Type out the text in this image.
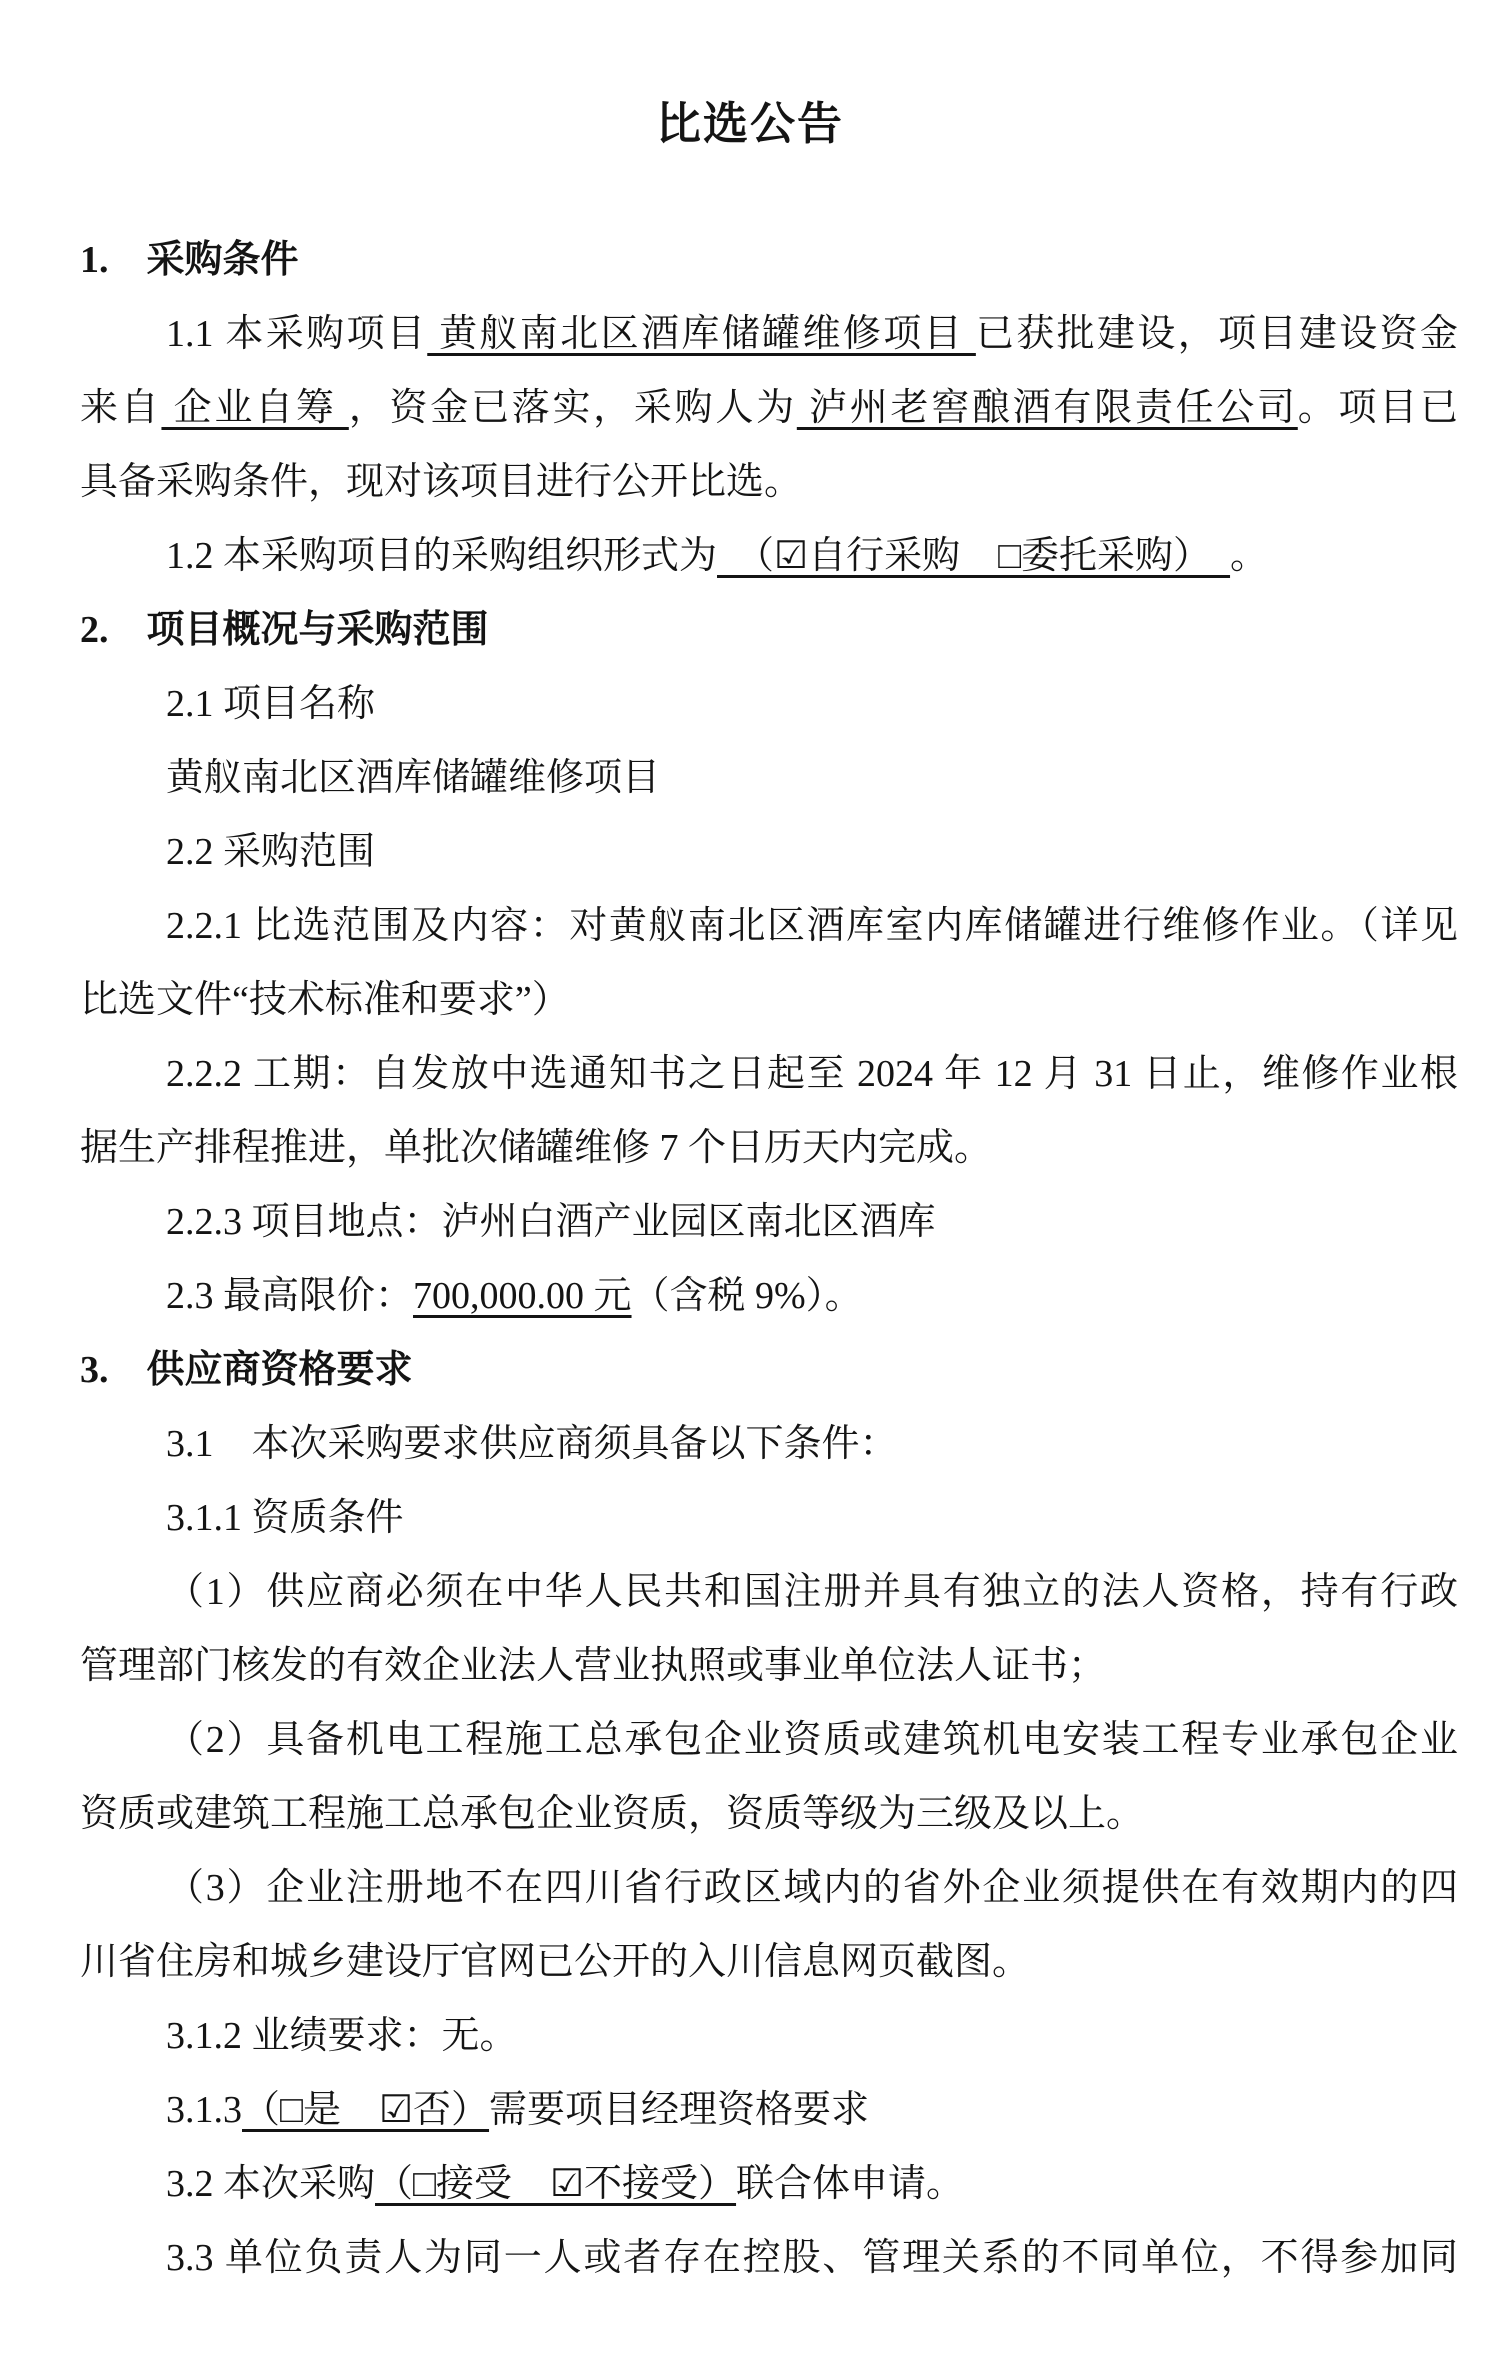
比选公告
1.　采购条件
1.1 本采购项目 黄舣南北区酒库储罐维修项目 已获批建设，项目建设资金
来自 企业自筹 ，资金已落实，采购人为 泸州老窖酿酒有限责任公司。项目已
具备采购条件，现对该项目进行公开比选。
1.2 本采购项目的采购组织形式为　（☑自行采购　□委托采购）　。
2.　项目概况与采购范围
2.1 项目名称
黄舣南北区酒库储罐维修项目
2.2 采购范围
2.2.1 比选范围及内容：对黄舣南北区酒库室内库储罐进行维修作业。（详见
比选文件“技术标准和要求”）
2.2.2 工期：自发放中选通知书之日起至 2024 年 12 月 31 日止，维修作业根
据生产排程推进，单批次储罐维修 7 个日历天内完成。
2.2.3 项目地点：泸州白酒产业园区南北区酒库
2.3 最高限价：700,000.00 元（含税 9%）。
3.　供应商资格要求
3.1　本次采购要求供应商须具备以下条件：
3.1.1 资质条件
（1）供应商必须在中华人民共和国注册并具有独立的法人资格，持有行政
管理部门核发的有效企业法人营业执照或事业单位法人证书；
（2）具备机电工程施工总承包企业资质或建筑机电安装工程专业承包企业
资质或建筑工程施工总承包企业资质，资质等级为三级及以上。
（3）企业注册地不在四川省行政区域内的省外企业须提供在有效期内的四
川省住房和城乡建设厅官网已公开的入川信息网页截图。
3.1.2 业绩要求：无。
3.1.3（□是　☑否）需要项目经理资格要求
3.2 本次采购（□接受　☑不接受）联合体申请。
3.3 单位负责人为同一人或者存在控股、管理关系的不同单位，不得参加同
